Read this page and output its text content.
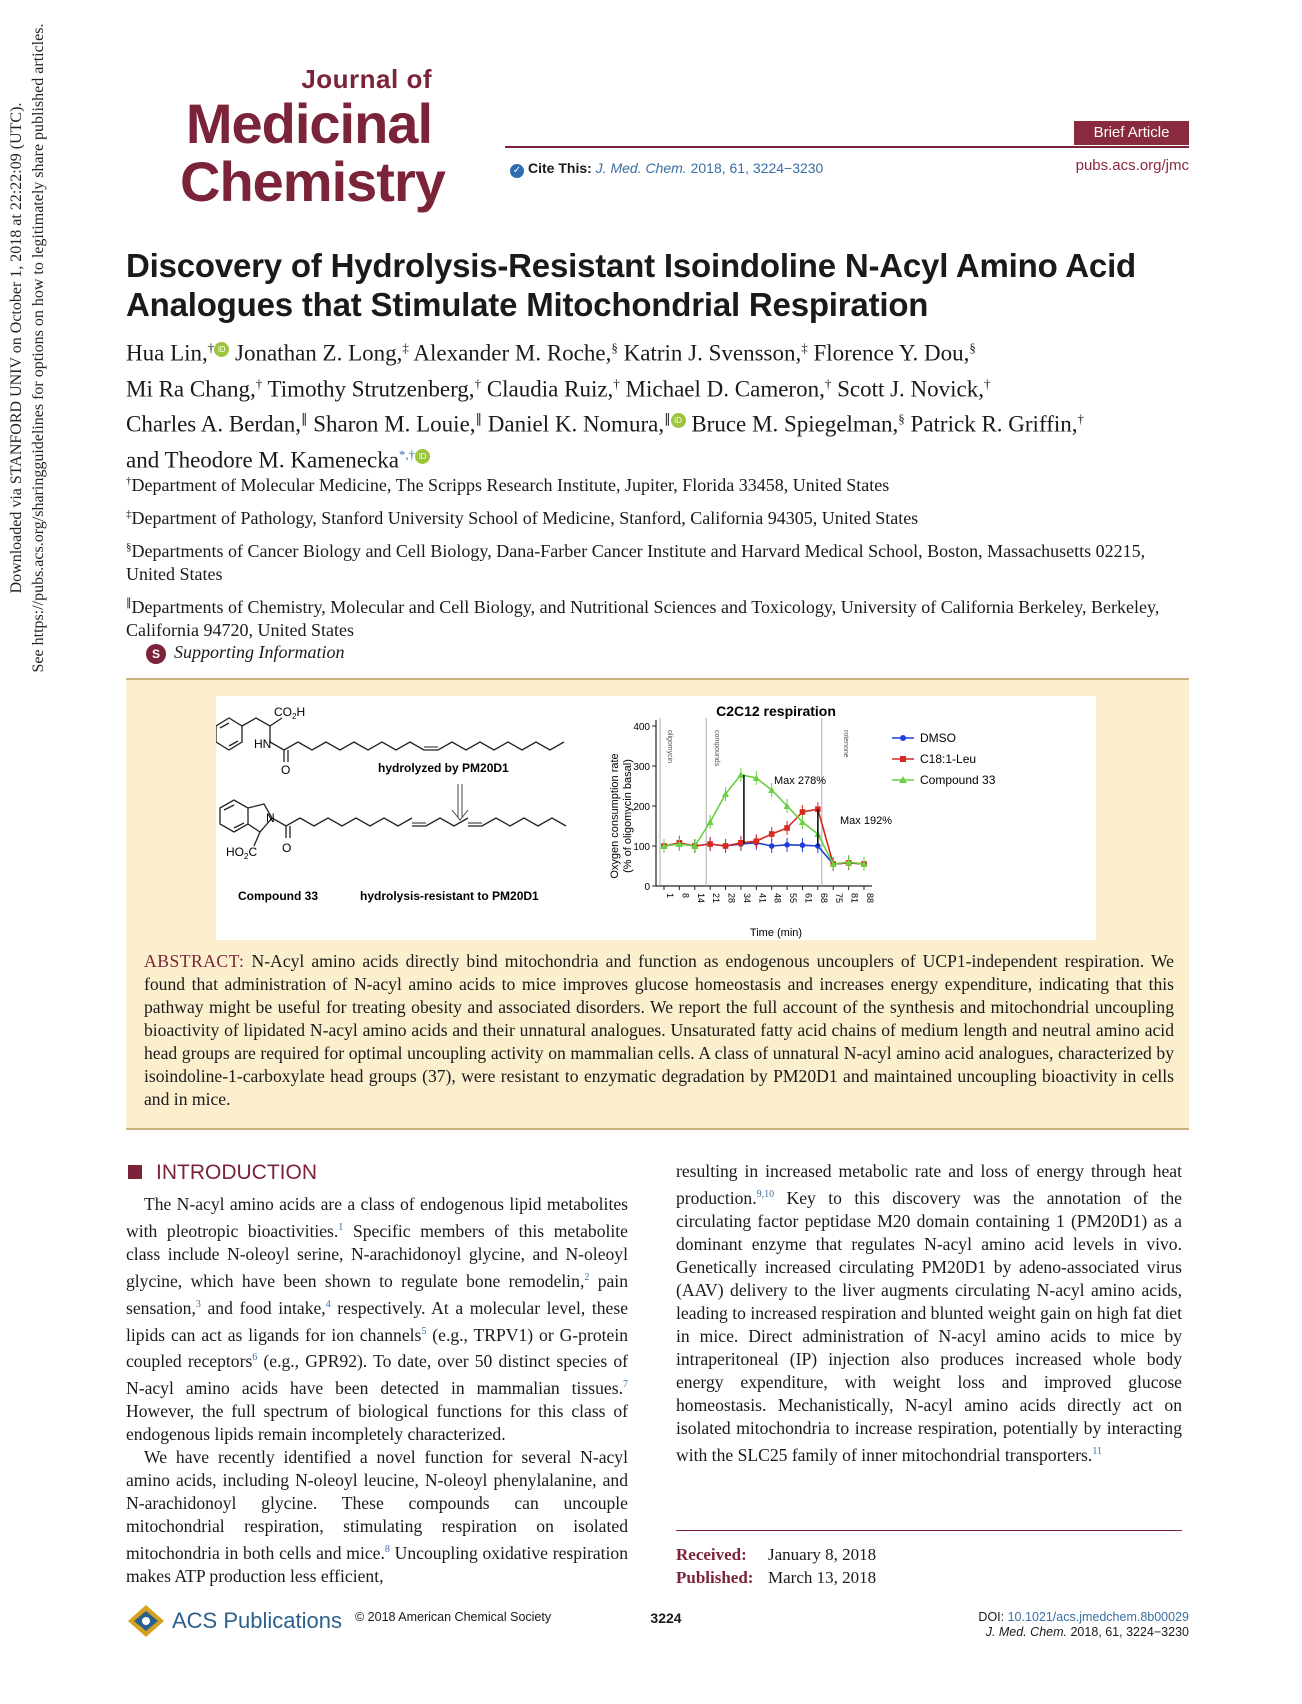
Downloaded via STANFORD UNIV on October 1, 2018 at 22:22:09 (UTC). See https://pubs.acs.org/sharingguidelines for options on how to legitimately share published articles.	Journal of
Medicinal
Chemistry
Brief Article
✓ Cite This: J. Med. Chem. 2018, 61, 3224−3230	pubs.acs.org/jmc
Discovery of Hydrolysis-Resistant Isoindoline N-Acyl Amino Acid Analogues that Stimulate Mitochondrial Respiration
Hua Lin,† iD Jonathan Z. Long,‡ Alexander M. Roche,§ Katrin J. Svensson,‡ Florence Y. Dou,§
Mi Ra Chang,† Timothy Strutzenberg,† Claudia Ruiz,† Michael D. Cameron,† Scott J. Novick,†
Charles A. Berdan,∥ Sharon M. Louie,∥ Daniel K. Nomura,∥ iD Bruce M. Spiegelman,§ Patrick R. Griffin,†
and Theodore M. Kamenecka*,† iD

†Department of Molecular Medicine, The Scripps Research Institute, Jupiter, Florida 33458, United States

‡Department of Pathology, Stanford University School of Medicine, Stanford, California 94305, United States

§Departments of Cancer Biology and Cell Biology, Dana-Farber Cancer Institute and Harvard Medical School, Boston, Massachusetts 02215, United States

∥Departments of Chemistry, Molecular and Cell Biology, and Nutritional Sciences and Toxicology, University of California Berkeley, Berkeley, California 94720, United States

S Supporting Information
$CO_2H$
HN
O	hydrolyzed by PM20D1
N
$HO_2C$ O
Compound 33	hydrolysis-resistant to PM20D1
C2C12 respiration
Oxygen consumption rate (% of oligomycin basal)
Time (min)
0
100
200
300
400
1 8 14 21 28 34 41 48 55 61 68 75 81 88
Max 278%
Max 192%
oligomycin	compounds	rotenone	DMSO
C18:1-Leu
Compound 33
ABSTRACT: N-Acyl amino acids directly bind mitochondria and function as endogenous uncouplers of UCP1-independent respiration. We found that administration of N-acyl amino acids to mice improves glucose homeostasis and increases energy expenditure, indicating that this pathway might be useful for treating obesity and associated disorders. We report the full account of the synthesis and mitochondrial uncoupling bioactivity of lipidated N-acyl amino acids and their unnatural analogues. Unsaturated fatty acid chains of medium length and neutral amino acid head groups are required for optimal uncoupling activity on mammalian cells. A class of unnatural N-acyl amino acid analogues, characterized by isoindoline-1-carboxylate head groups (37), were resistant to enzymatic degradation by PM20D1 and maintained uncoupling bioactivity in cells and in mice.
INTRODUCTION

The N-acyl amino acids are a class of endogenous lipid metabolites with pleotropic bioactivities.$^1$ Specific members of this metabolite class include N-oleoyl serine, N-arachidonoyl glycine, and N-oleoyl glycine, which have been shown to regulate bone remodelin,$^2$ pain sensation,$^3$ and food intake,$^4$ respectively. At a molecular level, these lipids can act as ligands for ion channels$^5$ (e.g., TRPV1) or G-protein coupled receptors$^6$ (e.g., GPR92). To date, over 50 distinct species of N-acyl amino acids have been detected in mammalian tissues.$^7$ However, the full spectrum of biological functions for this class of endogenous lipids remain incompletely characterized.

We have recently identified a novel function for several N-acyl amino acids, including N-oleoyl leucine, N-oleoyl phenylalanine, and N-arachidonoyl glycine. These compounds can uncouple mitochondrial respiration, stimulating respiration on isolated mitochondria in both cells and mice.$^8$ Uncoupling oxidative respiration makes ATP production less efficient,

resulting in increased metabolic rate and loss of energy through heat production.$^{9,10}$ Key to this discovery was the annotation of the circulating factor peptidase M20 domain containing 1 (PM20D1) as a dominant enzyme that regulates N-acyl amino acid levels in vivo. Genetically increased circulating PM20D1 by adeno-associated virus (AAV) delivery to the liver augments circulating N-acyl amino acids, leading to increased respiration and blunted weight gain on high fat diet in mice. Direct administration of N-acyl amino acids to mice by intraperitoneal (IP) injection also produces increased whole body energy expenditure, with weight loss and improved glucose homeostasis. Mechanistically, N-acyl amino acids directly act on isolated mitochondria to increase respiration, potentially by interacting with the SLC25 family of inner mitochondrial transporters.$^{11}$

Received: January 8, 2018
Published: March 13, 2018
ACS Publications © 2018 American Chemical Society	3224	DOI: 10.1021/acs.jmedchem.8b00029
J. Med. Chem. 2018, 61, 3224−3230
